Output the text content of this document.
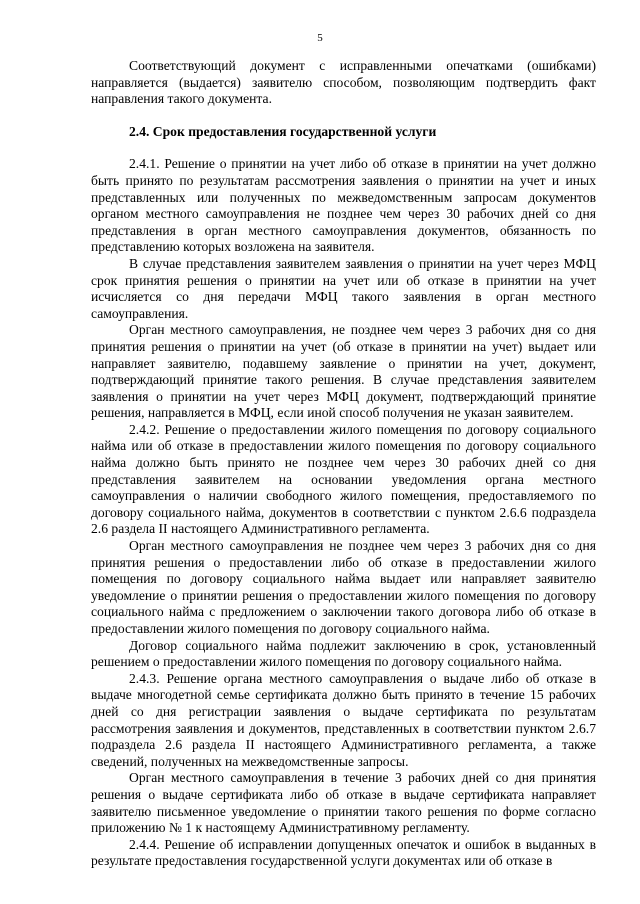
5

Соответствующий документ с исправленными опечатками (ошибками) направляется (выдается) заявителю способом, позволяющим подтвердить факт направления такого документа.

2.4. Срок предоставления государственной услуги

2.4.1. Решение о принятии на учет либо об отказе в принятии на учет должно быть принято по результатам рассмотрения заявления о принятии на учет и иных представленных или полученных по межведомственным запросам документов органом местного самоуправления не позднее чем через 30 рабочих дней со дня представления в орган местного самоуправления документов, обязанность по представлению которых возложена на заявителя.

В случае представления заявителем заявления о принятии на учет через МФЦ срок принятия решения о принятии на учет или об отказе в принятии на учет исчисляется со дня передачи МФЦ такого заявления в орган местного самоуправления.

Орган местного самоуправления, не позднее чем через 3 рабочих дня со дня принятия решения о принятии на учет (об отказе в принятии на учет) выдает или направляет заявителю, подавшему заявление о принятии на учет, документ, подтверждающий принятие такого решения. В случае представления заявителем заявления о принятии на учет через МФЦ документ, подтверждающий принятие решения, направляется в МФЦ, если иной способ получения не указан заявителем.

2.4.2. Решение о предоставлении жилого помещения по договору социального найма или об отказе в предоставлении жилого помещения по договору социального найма должно быть принято не позднее чем через 30 рабочих дней со дня представления заявителем на основании уведомления органа местного самоуправления о наличии свободного жилого помещения, предоставляемого по договору социального найма, документов в соответствии с пунктом 2.6.6 подраздела 2.6 раздела II настоящего Административного регламента.

Орган местного самоуправления не позднее чем через 3 рабочих дня со дня принятия решения о предоставлении либо об отказе в предоставлении жилого помещения по договору социального найма выдает или направляет заявителю уведомление о принятии решения о предоставлении жилого помещения по договору социального найма с предложением о заключении такого договора либо об отказе в предоставлении жилого помещения по договору социального найма.

Договор социального найма подлежит заключению в срок, установленный решением о предоставлении жилого помещения по договору социального найма.

2.4.3. Решение органа местного самоуправления о выдаче либо об отказе в выдаче многодетной семье сертификата должно быть принято в течение 15 рабочих дней со дня регистрации заявления о выдаче сертификата по результатам рассмотрения заявления и документов, представленных в соответствии пунктом 2.6.7 подраздела 2.6 раздела II настоящего Административного регламента, а также сведений, полученных на межведомственные запросы.

Орган местного самоуправления в течение 3 рабочих дней со дня принятия решения о выдаче сертификата либо об отказе в выдаче сертификата направляет заявителю письменное уведомление о принятии такого решения по форме согласно приложению № 1 к настоящему Административному регламенту.

2.4.4. Решение об исправлении допущенных опечаток и ошибок в выданных в результате предоставления государственной услуги документах или об отказе в
